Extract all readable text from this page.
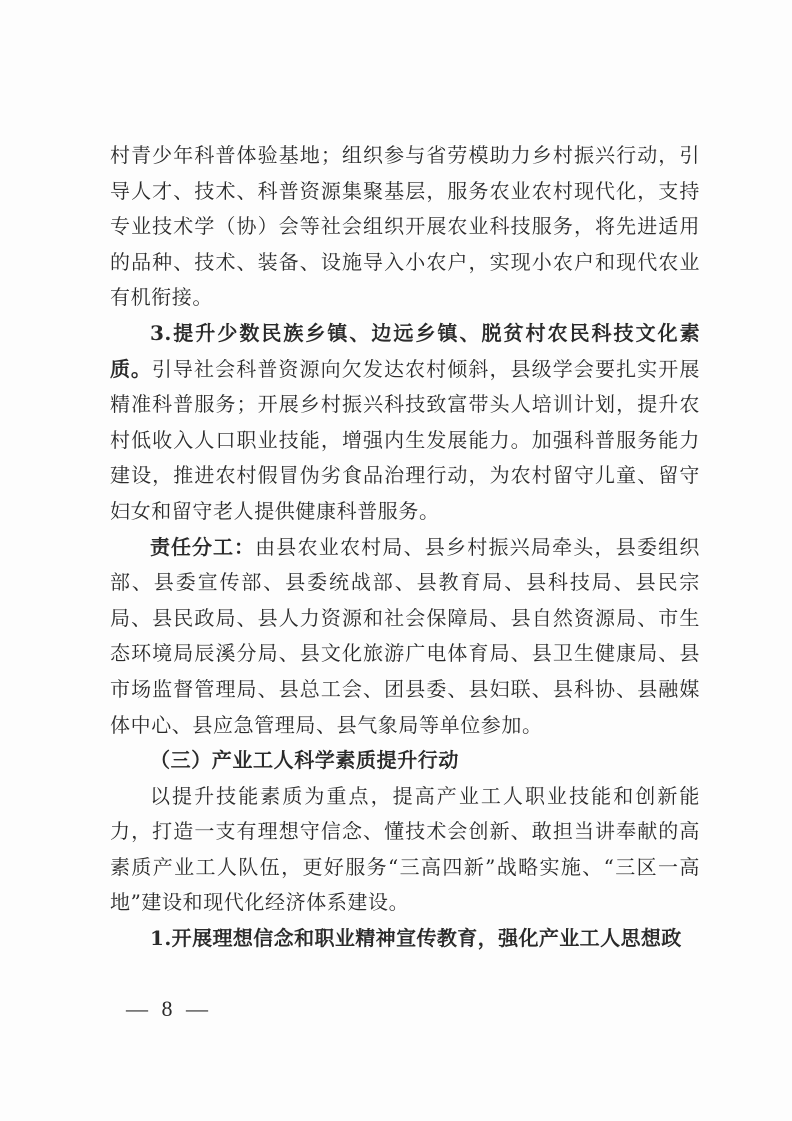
村青少年科普体验基地；组织参与省劳模助力乡村振兴行动，引导人才、技术、科普资源集聚基层，服务农业农村现代化，支持专业技术学（协）会等社会组织开展农业科技服务，将先进适用的品种、技术、装备、设施导入小农户，实现小农户和现代农业有机衔接。

3.提升少数民族乡镇、边远乡镇、脱贫村农民科技文化素质。引导社会科普资源向欠发达农村倾斜，县级学会要扎实开展精准科普服务；开展乡村振兴科技致富带头人培训计划，提升农村低收入人口职业技能，增强内生发展能力。加强科普服务能力建设，推进农村假冒伪劣食品治理行动，为农村留守儿童、留守妇女和留守老人提供健康科普服务。

责任分工：由县农业农村局、县乡村振兴局牵头，县委组织部、县委宣传部、县委统战部、县教育局、县科技局、县民宗局、县民政局、县人力资源和社会保障局、县自然资源局、市生态环境局辰溪分局、县文化旅游广电体育局、县卫生健康局、县市场监督管理局、县总工会、团县委、县妇联、县科协、县融媒体中心、县应急管理局、县气象局等单位参加。

（三）产业工人科学素质提升行动

以提升技能素质为重点，提高产业工人职业技能和创新能力，打造一支有理想守信念、懂技术会创新、敢担当讲奉献的高素质产业工人队伍，更好服务“三高四新”战略实施、“三区一高地”建设和现代化经济体系建设。

1.开展理想信念和职业精神宣传教育，强化产业工人思想政

— 8 —
